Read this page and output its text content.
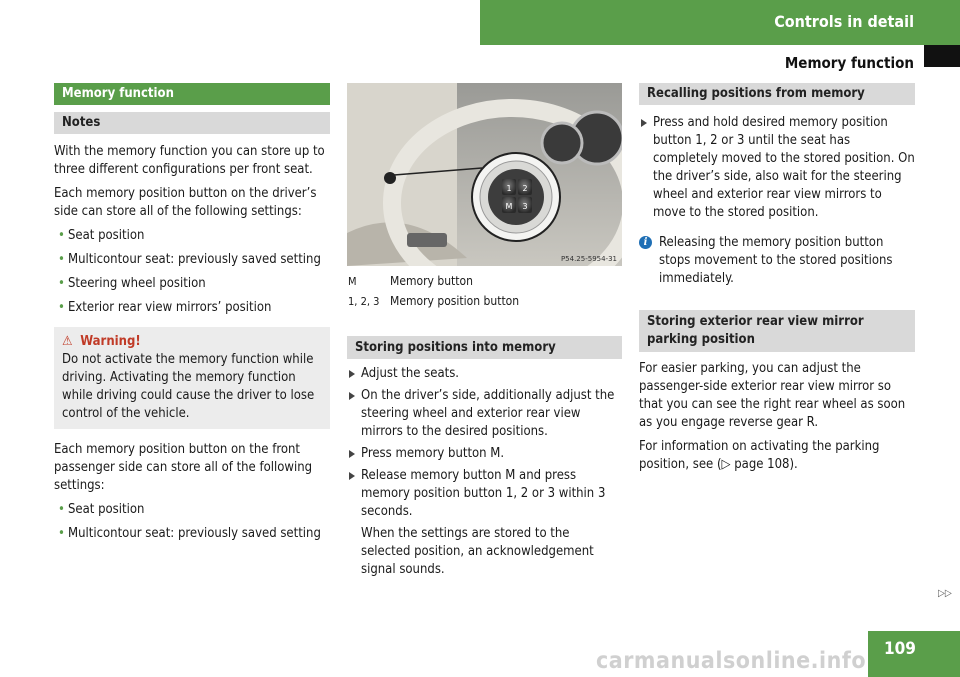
Controls in detail
Memory function
Memory function
Notes

With the memory function you can store up to three different configurations per front seat.

Each memory position button on the driver’s side can store all of the following settings:

• Seat position

• Multicontour seat: previously saved setting

• Steering wheel position

• Exterior rear view mirrors’ position

⚠ Warning!

Do not activate the memory function while driving. Activating the memory function while driving could cause the driver to lose control of the vehicle.

Each memory position button on the front passenger side can store all of the following settings:

• Seat position

• Multicontour seat: previously saved setting

1 2
M 3
P54.25-5954-31
M	Memory button
1, 2, 3 Memory position button
Storing positions into memory

Adjust the seats.

On the driver’s side, additionally adjust the steering wheel and exterior rear view mirrors to the desired positions.

Press memory button M.

Release memory button M and press memory position button 1, 2 or 3 within 3 seconds.

When the settings are stored to the selected position, an acknowledgement signal sounds.

Recalling positions from memory

Press and hold desired memory position button 1, 2 or 3 until the seat has completely moved to the stored position. On the driver’s side, also wait for the steering wheel and exterior rear view mirrors to move to the stored position.

i Releasing the memory position button stops movement to the stored positions immediately.

Storing exterior rear view mirror parking position

For easier parking, you can adjust the passenger-side exterior rear view mirror so that you can see the right rear wheel as soon as you engage reverse gear R.

For information on activating the parking position, see (▷ page 108).

▷▷
109
carmanualsonline.info
